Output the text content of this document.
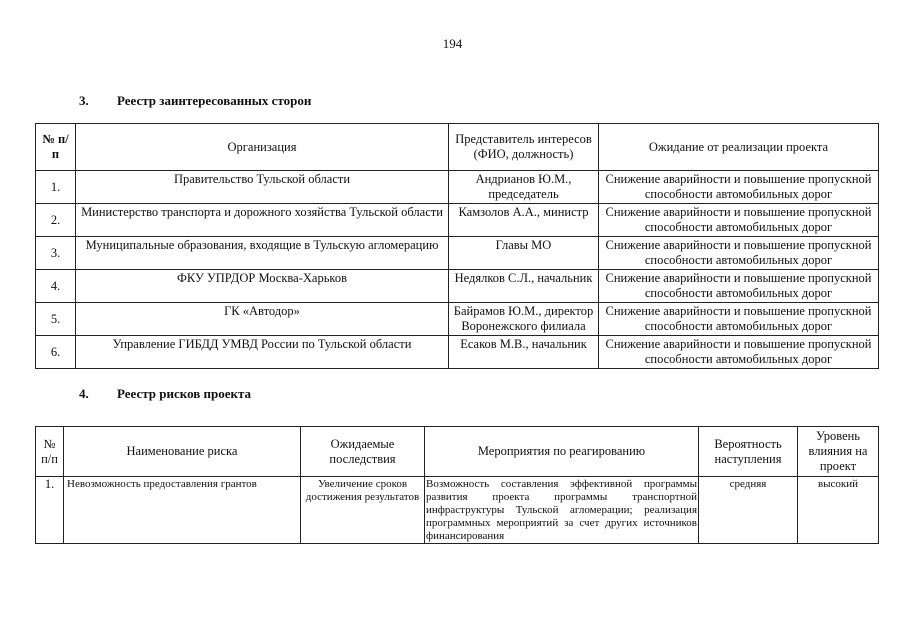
194
3. Реестр заинтересованных сторон
№ п/п	Организация	Представитель интересов (ФИО, должность)	Ожидание от реализации проекта
1.	Правительство Тульской области	Андрианов Ю.М., председатель	Снижение аварийности и повышение пропускной способности автомобильных дорог
2.	Министерство транспорта и дорожного хозяйства Тульской области	Камзолов А.А., министр	Снижение аварийности и повышение пропускной способности автомобильных дорог
3.	Муниципальные образования, входящие в Тульскую агломерацию	Главы МО	Снижение аварийности и повышение пропускной способности автомобильных дорог
4.	ФКУ УПРДОР Москва-Харьков	Недялков С.Л., начальник	Снижение аварийности и повышение пропускной способности автомобильных дорог
5.	ГК «Автодор»	Байрамов Ю.М., директор Воронежского филиала	Снижение аварийности и повышение пропускной способности автомобильных дорог
6.	Управление ГИБДД УМВД России по Тульской области	Есаков М.В., начальник	Снижение аварийности и повышение пропускной способности автомобильных дорог
4. Реестр рисков проекта
№ п/п	Наименование риска	Ожидаемые последствия	Мероприятия по реагированию	Вероятность наступления	Уровень влияния на проект
1.	Невозможность предоставления грантов	Увеличение сроков достижения результатов	Возможность составления эффективной программы развития проекта программы транспортной инфраструктуры Тульской агломерации; реализация программных мероприятий за счет других источников финансирования	средняя	высокий
